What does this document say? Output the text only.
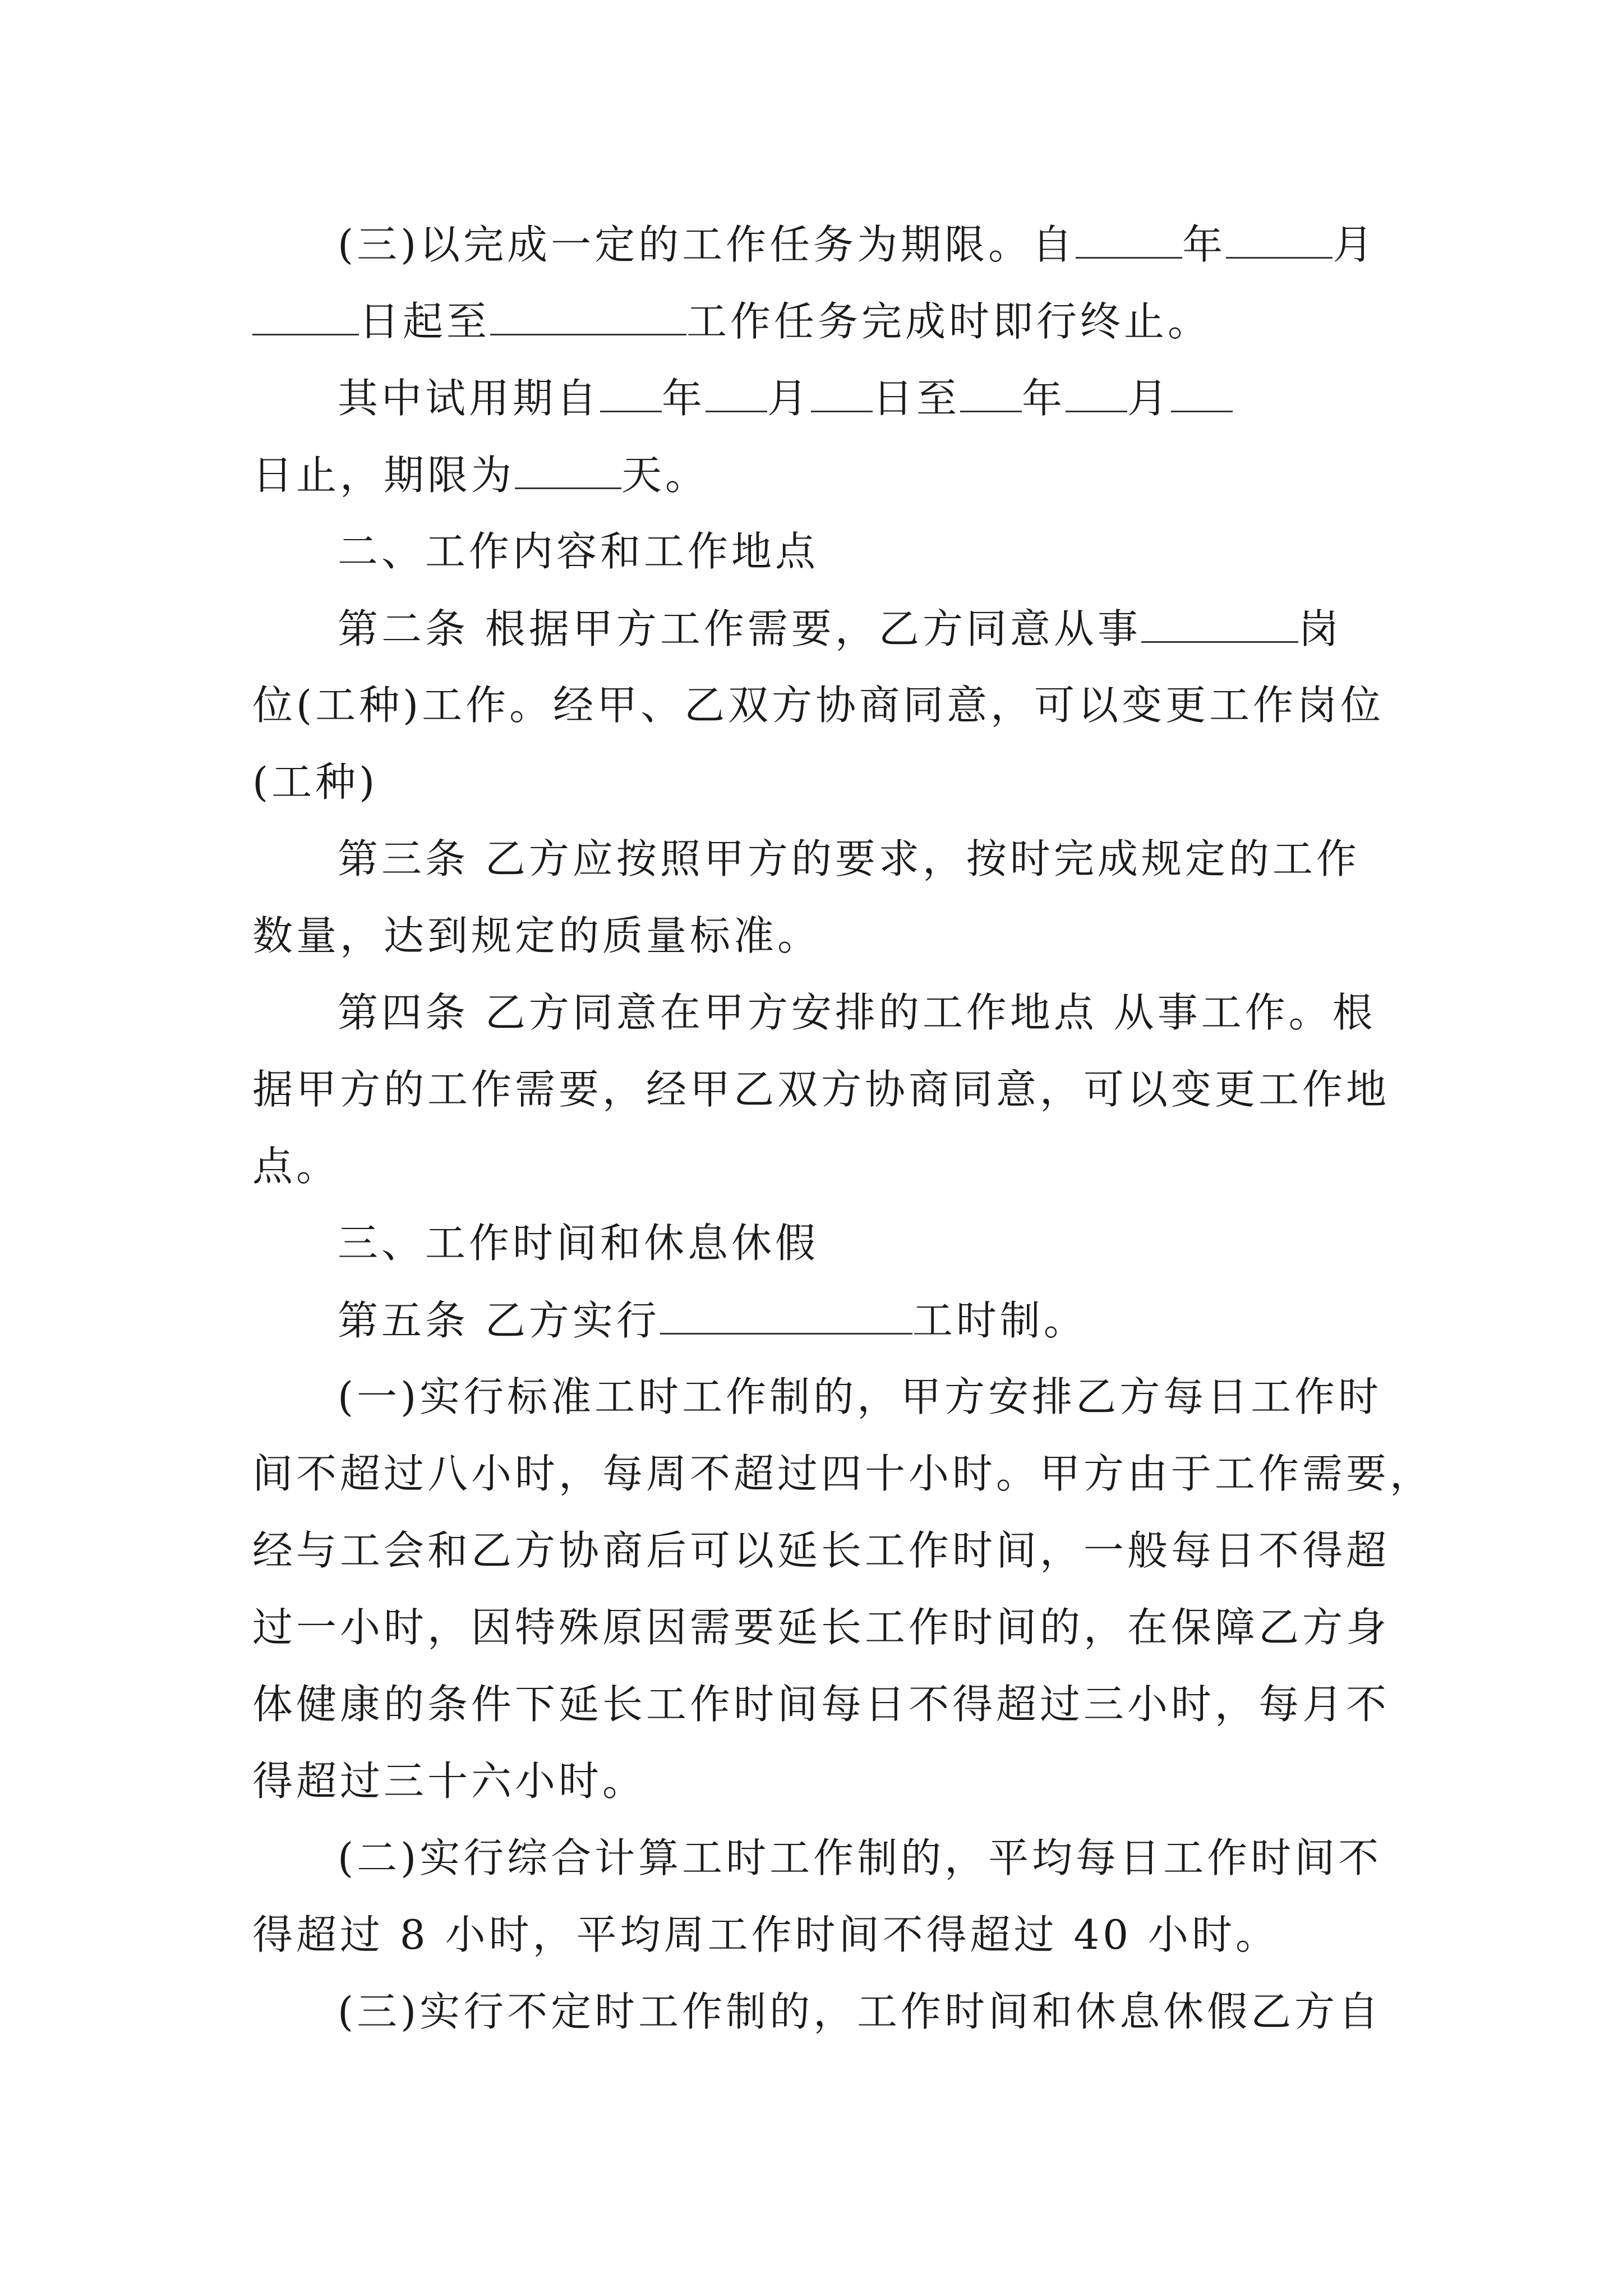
(三)以完成一定的工作任务为期限。自	年	月
日起至	工作任务完成时即行终止。
其中试用期自 年 月 日至 年 月
日止，期限为	天。
二、工作内容和工作地点
第二条 根据甲方工作需要，乙方同意从事	岗
位(工种)工作。经甲、乙双方协商同意，可以变更工作岗位
(工种)
第三条 乙方应按照甲方的要求，按时完成规定的工作
数量，达到规定的质量标准。
第四条 乙方同意在甲方安排的工作地点 从事工作。根
据甲方的工作需要，经甲乙双方协商同意，可以变更工作地
点。
三、工作时间和休息休假
第五条 乙方实行	工时制。
(一)实行标准工时工作制的，甲方安排乙方每日工作时
间不超过八小时，每周不超过四十小时。甲方由于工作需要，
经与工会和乙方协商后可以延长工作时间，一般每日不得超
过一小时，因特殊原因需要延长工作时间的，在保障乙方身
体健康的条件下延长工作时间每日不得超过三小时，每月不
得超过三十六小时。
(二)实行综合计算工时工作制的，平均每日工作时间不
得超过 8 小时，平均周工作时间不得超过 40 小时。
(三)实行不定时工作制的，工作时间和休息休假乙方自
